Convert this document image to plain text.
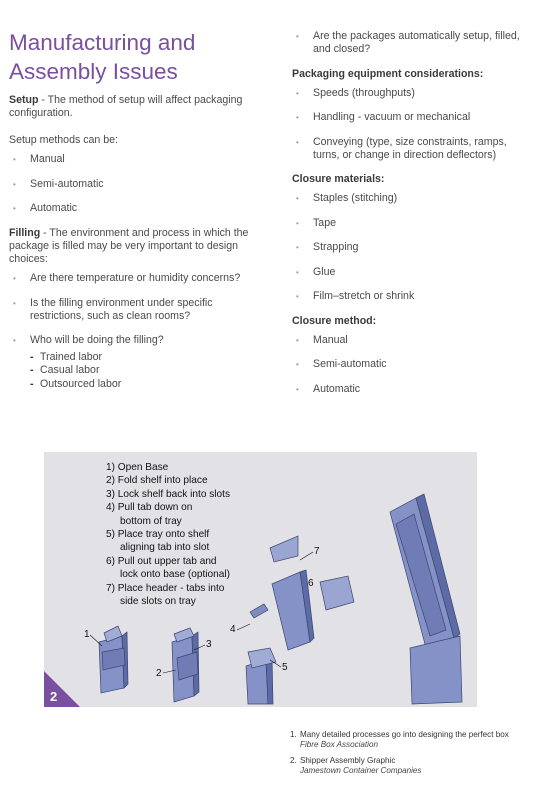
Manufacturing and Assembly Issues

Setup - The method of setup will affect packaging configuration.

Setup methods can be:

• Manual
• Semi-automatic
• Automatic

Filling - The environment and process in which the package is filled may be very important to design choices:

• Are there temperature or humidity concerns?
• Is the filling environment under specific restrictions, such as clean rooms?
• Who will be doing the filling?
- Trained labor
- Casual labor
- Outsourced labor
• Are the packages automatically setup, filled, and closed?

Packaging equipment considerations:

• Speeds (throughputs)
• Handling - vacuum or mechanical
• Conveying (type, size constraints, ramps, turns, or change in direction deflectors)

Closure materials:

• Staples (stitching)
• Tape
• Strapping
• Glue
• Film–stretch or shrink

Closure method:

• Manual
• Semi-automatic
• Automatic
1) Open Base
2) Fold shelf into place
3) Lock shelf back into slots
4) Pull tab down on
bottom of tray
5) Place tray onto shelf
aligning tab into slot
6) Pull out upper tab and
lock onto base (optional)
7) Place header - tabs into
side slots on tray
1
2
3
4
5
6
7
2
1. Many detailed processes go into designing the perfect box
Fibre Box Association
2. Shipper Assembly Graphic
Jamestown Container Companies
